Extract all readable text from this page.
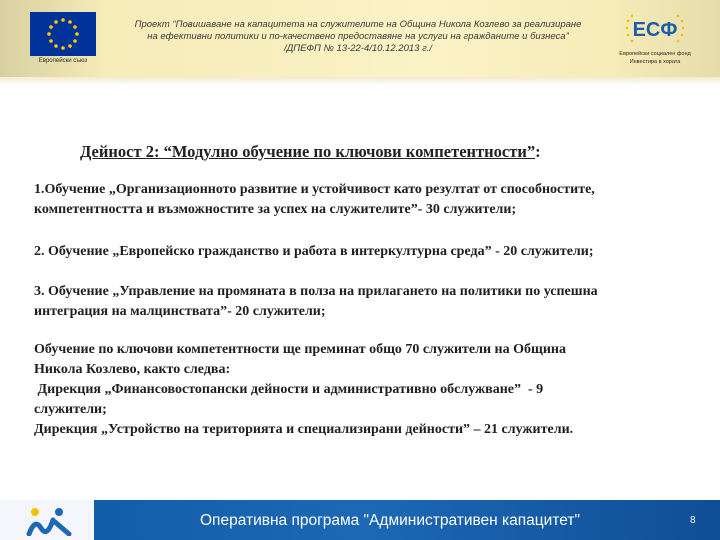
Европейски съюз
Проект “Повишаване на капацитета на служителите на Община Никола Козлево за реализиране
на ефективни политики и по-качествено предоставяне на услуги на гражданите и бизнеса”
/ДПЕФП № 13-22-4/10.12.2013 г./
ЕСФ
Европейски социален фонд
Инвестира в хората
Дейност 2: “Модулно обучение по ключови компетентности”:
1.Обучение „Организационното развитие и устойчивост като резултат от способностите,
компетентността и възможностите за успех на служителите”- 30 служители;
2. Обучение „Европейско гражданство и работа в интеркултурна среда” - 20 служители;
3. Обучение „Управление на промяната в полза на прилагането на политики по успешна
интеграция на малцинствата”- 20 служители;
Обучение по ключови компетентности ще преминат общо 70 служители на Община
Никола Козлево, както следва:
Дирекция „Финансовостопански дейности и административно обслужване”  - 9
служители;
Дирекция „Устройство на територията и специализирани дейности” – 21 служители.
Оперативна програма "Административен капацитет"	8
